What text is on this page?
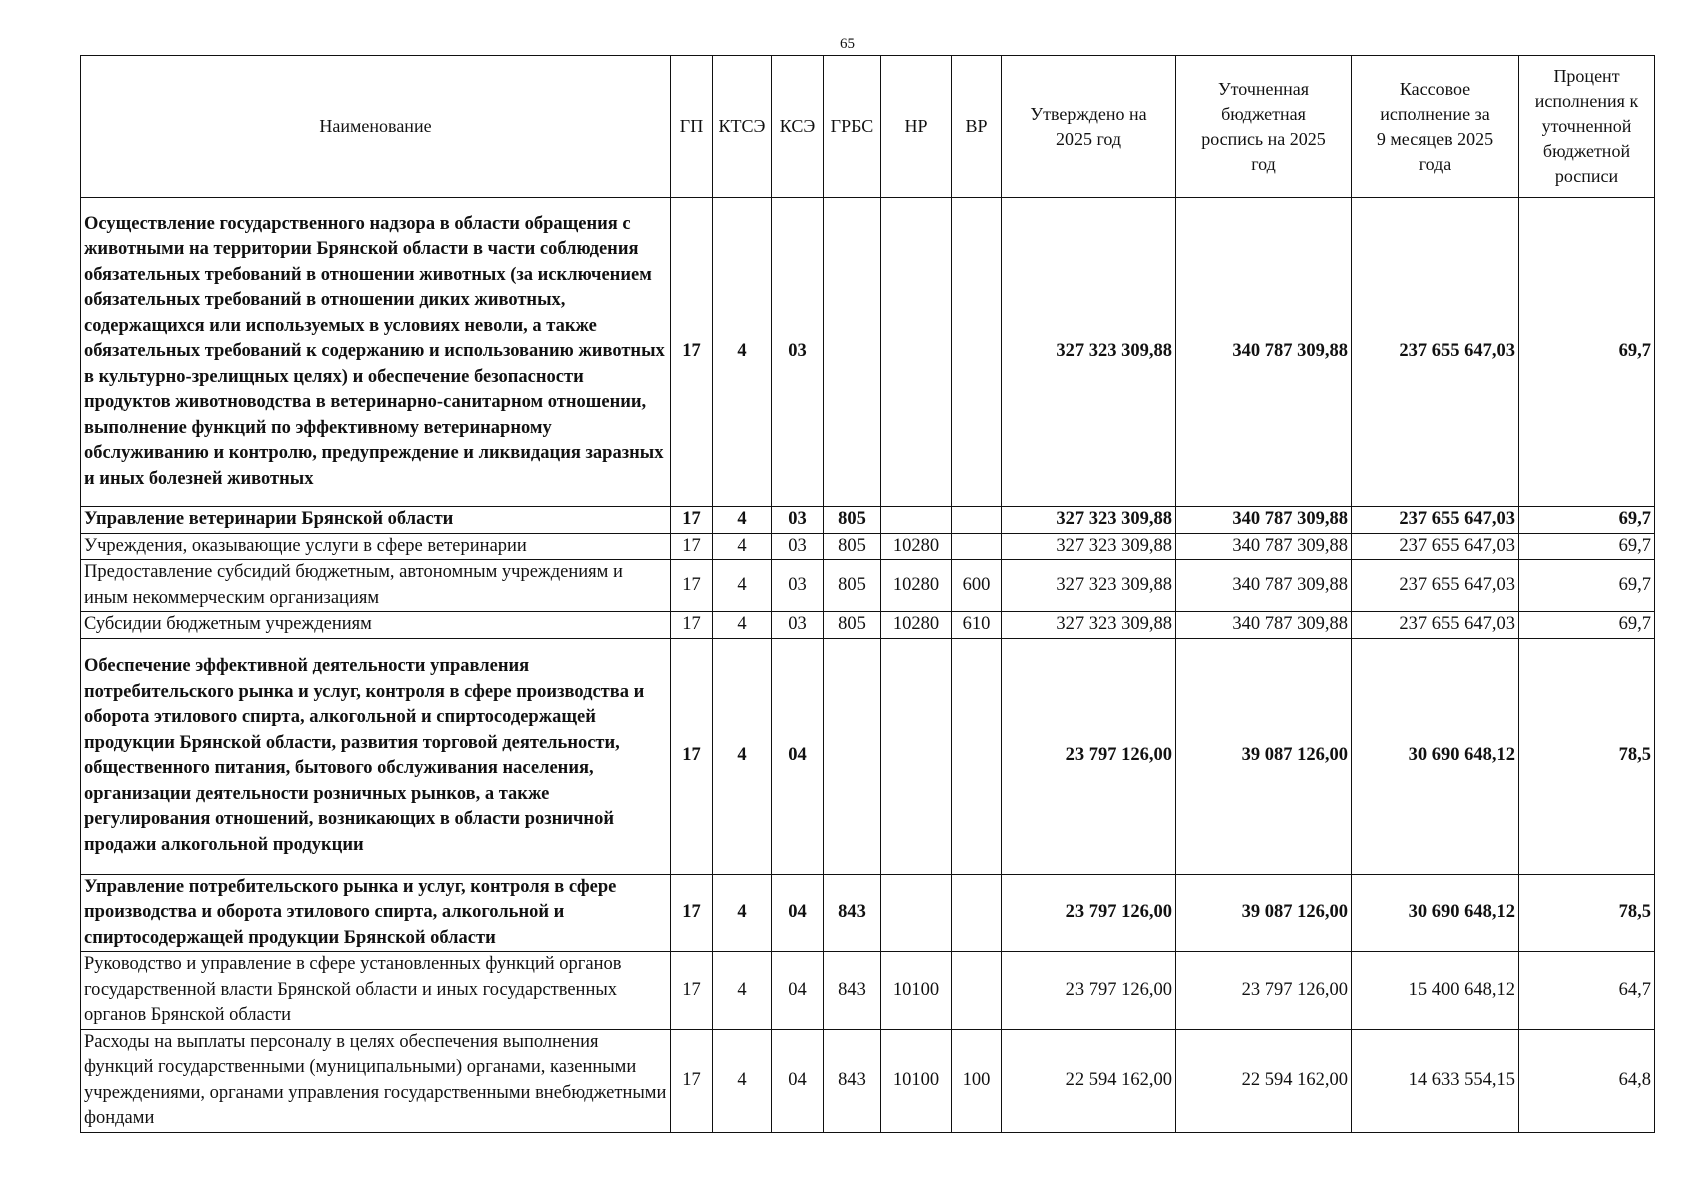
65
Наименование	ГП	КТСЭ	КСЭ	ГРБС	НР	ВР	Утверждено на 2025 год	Уточненная бюджетная роспись на 2025 год	Кассовое исполнение за 9 месяцев 2025 года	Процент исполнения к уточненной бюджетной росписи
Осуществление государственного надзора в области обращения с животными на территории Брянской области в части соблюдения обязательных требований в отношении животных (за исключением обязательных требований в отношении диких животных, содержащихся или используемых в условиях неволи, а также обязательных требований к содержанию и использованию животных в культурно-зрелищных целях) и обеспечение безопасности продуктов животноводства в ветеринарно-санитарном отношении, выполнение функций по эффективному ветеринарному обслуживанию и контролю, предупреждение и ликвидация заразных и иных болезней животных	17	4	03				327 323 309,88	340 787 309,88	237 655 647,03	69,7
Управление ветеринарии Брянской области	17	4	03	805			327 323 309,88	340 787 309,88	237 655 647,03	69,7
Учреждения, оказывающие услуги в сфере ветеринарии	17	4	03	805	10280		327 323 309,88	340 787 309,88	237 655 647,03	69,7
Предоставление субсидий бюджетным, автономным учреждениям и иным некоммерческим организациям	17	4	03	805	10280	600	327 323 309,88	340 787 309,88	237 655 647,03	69,7
Субсидии бюджетным учреждениям	17	4	03	805	10280	610	327 323 309,88	340 787 309,88	237 655 647,03	69,7
Обеспечение эффективной деятельности управления потребительского рынка и услуг, контроля в сфере производства и оборота этилового спирта, алкогольной и спиртосодержащей продукции Брянской области, развития торговой деятельности, общественного питания, бытового обслуживания населения, организации деятельности розничных рынков, а также регулирования отношений, возникающих в области розничной продажи алкогольной продукции	17	4	04				23 797 126,00	39 087 126,00	30 690 648,12	78,5
Управление потребительского рынка и услуг, контроля в сфере производства и оборота этилового спирта, алкогольной и спиртосодержащей продукции Брянской области	17	4	04	843			23 797 126,00	39 087 126,00	30 690 648,12	78,5
Руководство и управление в сфере установленных функций органов государственной власти Брянской области и иных государственных органов Брянской области	17	4	04	843	10100		23 797 126,00	23 797 126,00	15 400 648,12	64,7
Расходы на выплаты персоналу в целях обеспечения выполнения функций государственными (муниципальными) органами, казенными учреждениями, органами управления государственными внебюджетными фондами	17	4	04	843	10100	100	22 594 162,00	22 594 162,00	14 633 554,15	64,8
